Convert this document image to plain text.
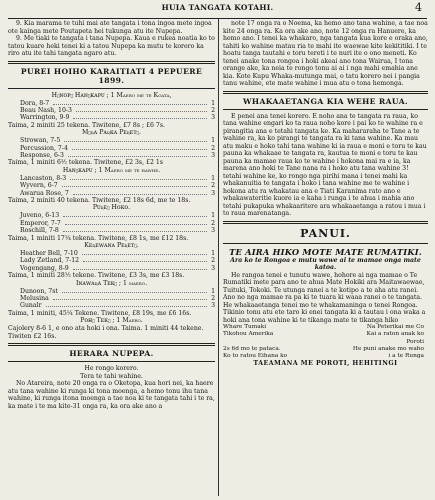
HUIA TANGATA KOTAHI.	4

9. Kia marama te tuhi mai ate tangata i tona ingoa mete ingoa ote kainga mete Poutapeta hei tukunga atu ite Nupepa.

9. Me tiaki te tangata i tana Nupepa. Kaua e rukea noatia ko to tatou kuare heki tenei ki a tatou Nupepa ka mutu te korero ka riro atu ite tahi tangata ngaro atu.

PUREI HOIHO KARAITIATI 4 PEPUERE 1899.
Hɪɴᴏᴘɪ Hᴀɴɪᴋᴀᴘᴜ ; 1 Maero me te Koata,
Dora, 8-7	1
Beau Nash, 10-3	2
Warrington, 9-9	3
Taima, 2 miniti 25 tekena. Tiwitene, £7 8s ; £6 7s.
Mɪʀᴀ Pᴀʀᴋᴀ Pᴇʀᴇᴛɪ.
Strowan, 7-5	1
Percussion, 7-4	2
Response, 6-3	3
Taima, 1 miniti 6½ tekena. Tiwitene, £2 3s, £2 1s
Hᴀɴɪᴋᴀᴘᴜ ; 1 Maero me te hawhe.
Lancaston, 8-3	1
Wyvern, 6-7	2
Awarua Rose, 7	3
Taima, 2 miniti 40 tekena. Tiwitene, £2 18s 6d, me te 18s.
Pᴜʀᴇɪ Hᴏᴋᴏ.
Juveno, 6-13	1
Emperor, 7-7	2
Roschill, 7-8	3
Taima, 1 miniti 17¼ tekena. Tiwitene, £8 1s, me £12 18s.
Kᴇʀᴇᴡᴀɴᴀ Pᴇʀᴇᴛɪ.
Heather Bell, 7-10	1
Lady Zetland, 7-12	2
Vogengang, 8-9	3
Taima, 1 miniti 28½ tekene. Tiwitene, £3 3s, me £3 18s.
Iɴᴀᴡᴀʀᴀ Tᴇᴋɪ ; 1 maero.
Dunoon, 7st	1
Melusina	2
Gunalr	3
Taima, 1 miniti, 45¼ Tekene. Tiwitene, £8 19s, me £6 16s.
Pᴏʜɪ Tᴇᴋɪ ; 1 Maero.
Cajolery 8-6 1, e ono ata hoki i ona. Taima. 1 miniti 44 tekene. Tiwiten £2 16s.
HERARA NUPEPA.

He rongo korero.

Tera te tahi wahine.

No Atareira, note 20 onga ra o Oketopa, kua hori nei, ka haere atu tana wahine ki runga ki tona moenga, a hemo tonu ihu tana wahine, ki runga itona moenga a tae noa ki te tangata tahi i te ra, ka mate i te ma kite-31 onga ra, ka ora ake ano a

note 17 onga ra o Noema, ka hemo ano tana wahine, a tae noa kite 24 onga ra. Ka ora ake ano, note 12 onga ra Hanuere, ka hemo ano. I tenei ka whakaro, nga tangata kua kore e oraka ano, tahiti ko wahine matau ria te mahi ite waewae kite kekititiki. I te hoatu tanga tautahi e toru tereti i te nuri ite o ono meneti. Ko tenei anake tona rongoa i hoki akeai ano tona Wairua, I tona orange ake, ka neia te rongo tonu ai ai i nga mahi emahia ane kia. Kote Kupu Whaka-mutunga mai, o tatu korero nei i pangia tanu wahine, ete mate wahine i mua atu o tona hemonga.

WHAKAAETANGA KIA WEHE RAUA.

E penei ana tenei korero. E noho ana te tangata ra raua, ko tana wahine engari ko ta raua noho kore i pai ko te wahine ra e pirangitia ana e tetahi tangata ke. Ka mahararaha te Tane a te wahine ra, ka ko pirangi te tangata ra ki tana wahine. Ka mau atu maku e hoko tahi tana wahine ki ia raua e moni e toru te kau pauna ka whakaae te tangata ra, kautua te moni e toru te kau pauna ka mamae raua ko te wahine i hokona mai ra e ia, ka marena ano hoki te Tane nana ra i hoko atu tana wahine 3! tetahi wahine ke, ko rongo nga pirihi mana i tenei mahi ka whakanuitia te tangata i hoko i tana wahine me te wahine i hokona atu ra whakatau ana e Tiati Karanima rato ano e whakawateritie kuore ia e kaha i runga i te ahua i mahia ano tetahi pukapuka whakaaritere ara whakaaetanga a ratou i mua i to raua marenatanga.

PANUI.
TE AIRA HIKO MOTE MATE RUMATIKI.

Ara ko te Rongoa e mutu wawe ai te mamae onga mate katoa.

He rangoa tenei e tunutu wawe, hohore ai nga mamae o Te Rumatiki mete para ano te ahua Mate Hokiki ara Maitawaewae, Tuituki, Tokoki. Te utunga ranei a te kotipo a te aha atu ranei. Ano no nga mamae ra pa ki te tuara ki waaa ranei o te tangata. He whakaaetanga tenei mo te whakamaninga o tenei Rongoa. Tikinio tonu atu ete taro ki enei tangata ki a tautau i ona waka a hoki ana tona wahine ki te tikanga mate te tikanga hiko

Whare Tumaki	Na Peterikai me Co
Tikohou Amerika	Kai a raton anak ko
Poroti
2s 6d mo te pataca.	He puni anake mo waho
Ko to ratou Eihana ko	i a te Runga

TAEAMANA ME POROTI, HEHITINGI
